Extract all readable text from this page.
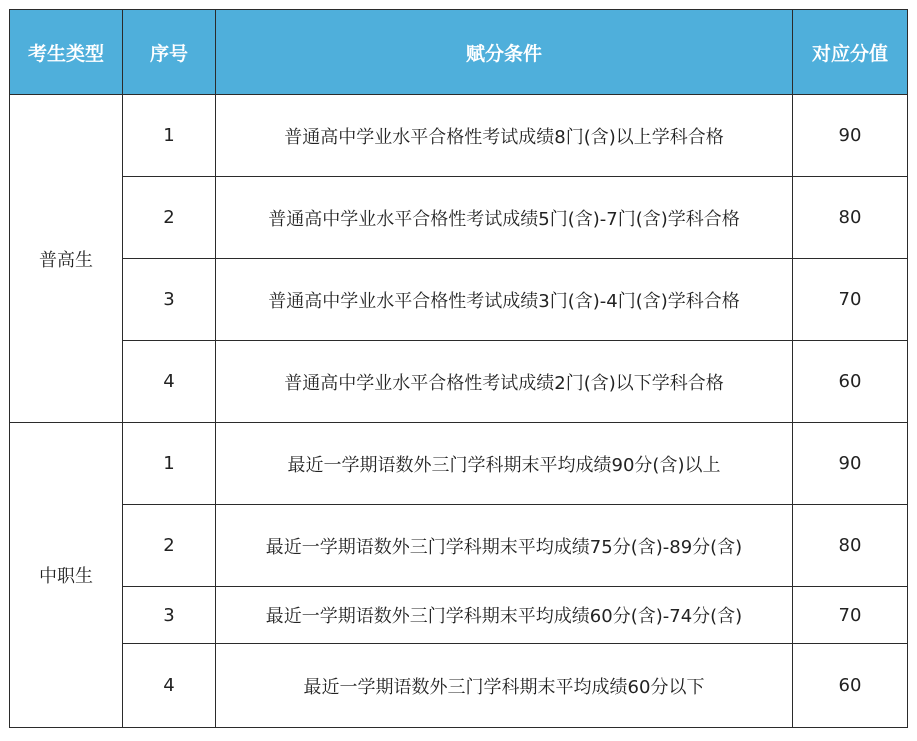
考生类型	序号	赋分条件	对应分值
普高生	1	普通高中学业水平合格性考试成绩8门(含)以上学科合格	90
	2	普通高中学业水平合格性考试成绩5门(含)-7门(含)学科合格	80
	3	普通高中学业水平合格性考试成绩3门(含)-4门(含)学科合格	70
	4	普通高中学业水平合格性考试成绩2门(含)以下学科合格	60
中职生	1	最近一学期语数外三门学科期末平均成绩90分(含)以上	90
	2	最近一学期语数外三门学科期末平均成绩75分(含)-89分(含)	80
	3	最近一学期语数外三门学科期末平均成绩60分(含)-74分(含)	70
	4	最近一学期语数外三门学科期末平均成绩60分以下	60
